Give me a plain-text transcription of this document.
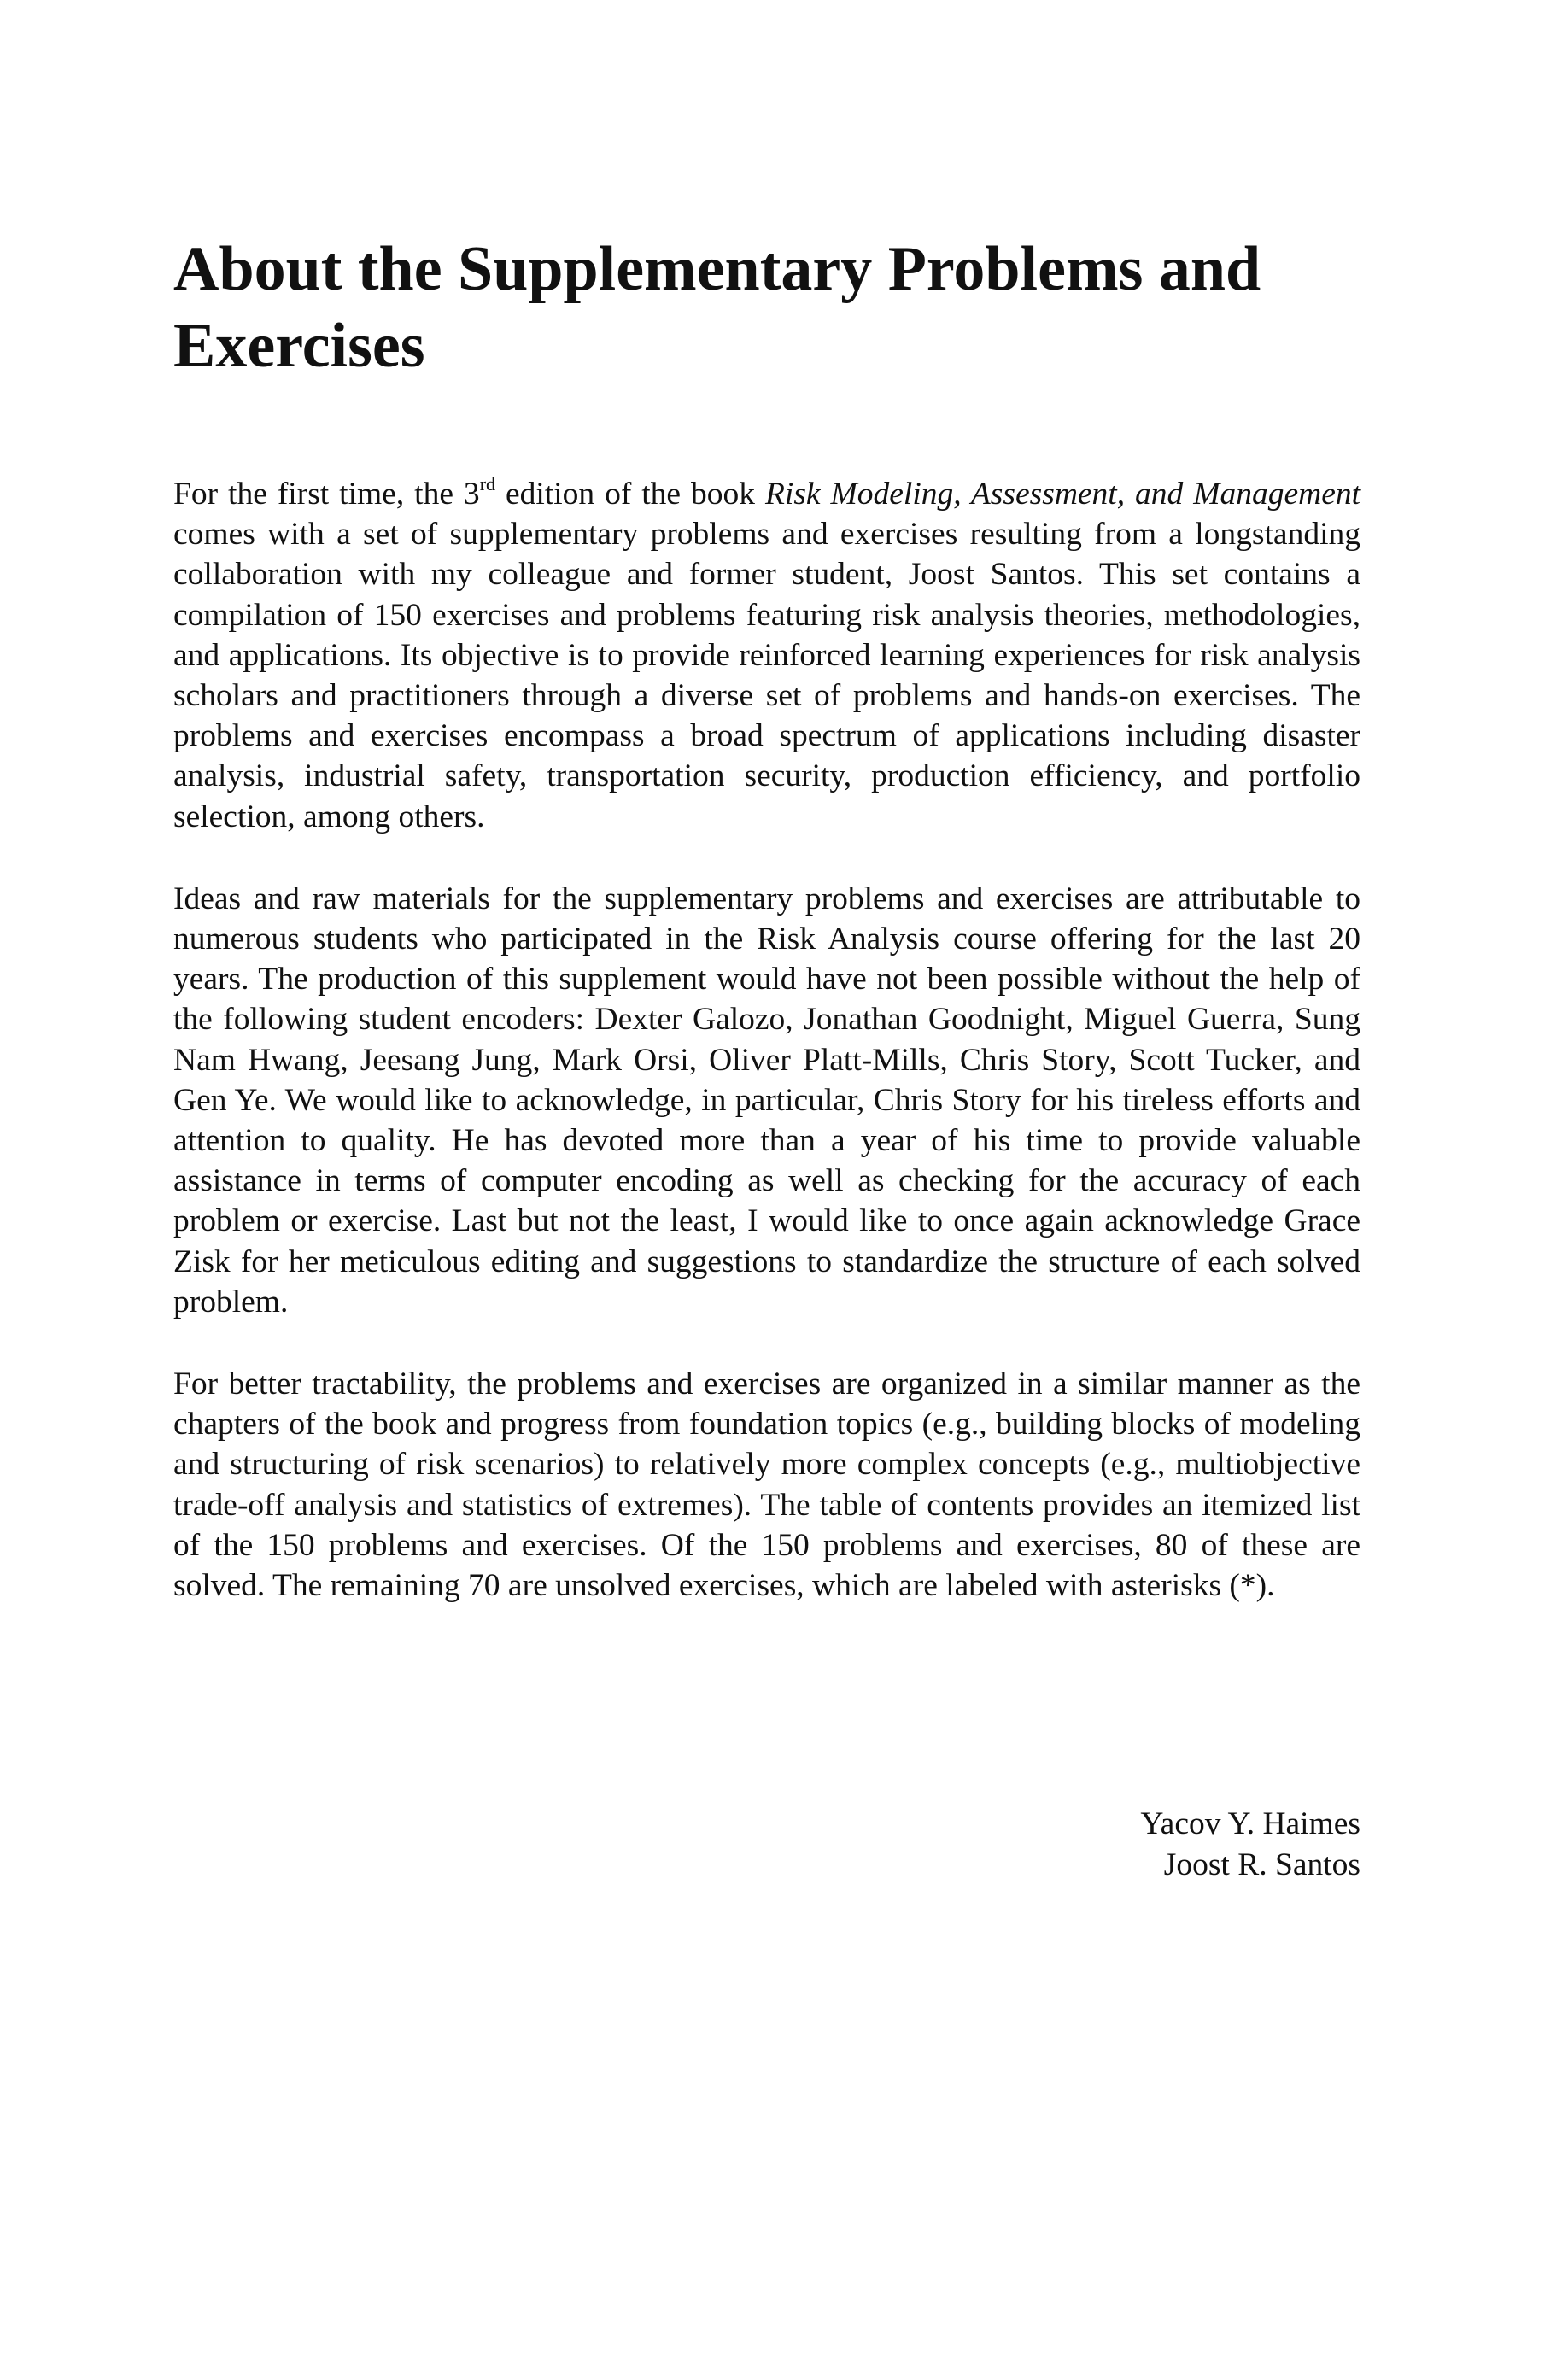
About the Supplementary Problems and Exercises

For the first time, the 3rd edition of the book Risk Modeling, Assessment, and Management comes with a set of supplementary problems and exercises resulting from a longstanding collaboration with my colleague and former student, Joost Santos. This set contains a compilation of 150 exercises and problems featuring risk analysis theories, methodologies, and applications. Its objective is to provide reinforced learning experiences for risk analysis scholars and practitioners through a diverse set of problems and hands-on exercises. The problems and exercises encompass a broad spectrum of applications including disaster analysis, industrial safety, transportation security, production efficiency, and portfolio selection, among others.

Ideas and raw materials for the supplementary problems and exercises are attributable to numerous students who participated in the Risk Analysis course offering for the last 20 years. The production of this supplement would have not been possible without the help of the following student encoders: Dexter Galozo, Jonathan Goodnight, Miguel Guerra, Sung Nam Hwang, Jeesang Jung, Mark Orsi, Oliver Platt-Mills, Chris Story, Scott Tucker, and Gen Ye. We would like to acknowledge, in particular, Chris Story for his tireless efforts and attention to quality. He has devoted more than a year of his time to provide valuable assistance in terms of computer encoding as well as checking for the accuracy of each problem or exercise. Last but not the least, I would like to once again acknowledge Grace Zisk for her meticulous editing and suggestions to standardize the structure of each solved problem.

For better tractability, the problems and exercises are organized in a similar manner as the chapters of the book and progress from foundation topics (e.g., building blocks of modeling and structuring of risk scenarios) to relatively more complex concepts (e.g., multiobjective trade-off analysis and statistics of extremes). The table of contents provides an itemized list of the 150 problems and exercises. Of the 150 problems and exercises, 80 of these are solved. The remaining 70 are unsolved exercises, which are labeled with asterisks (*).

Yacov Y. Haimes
Joost R. Santos
